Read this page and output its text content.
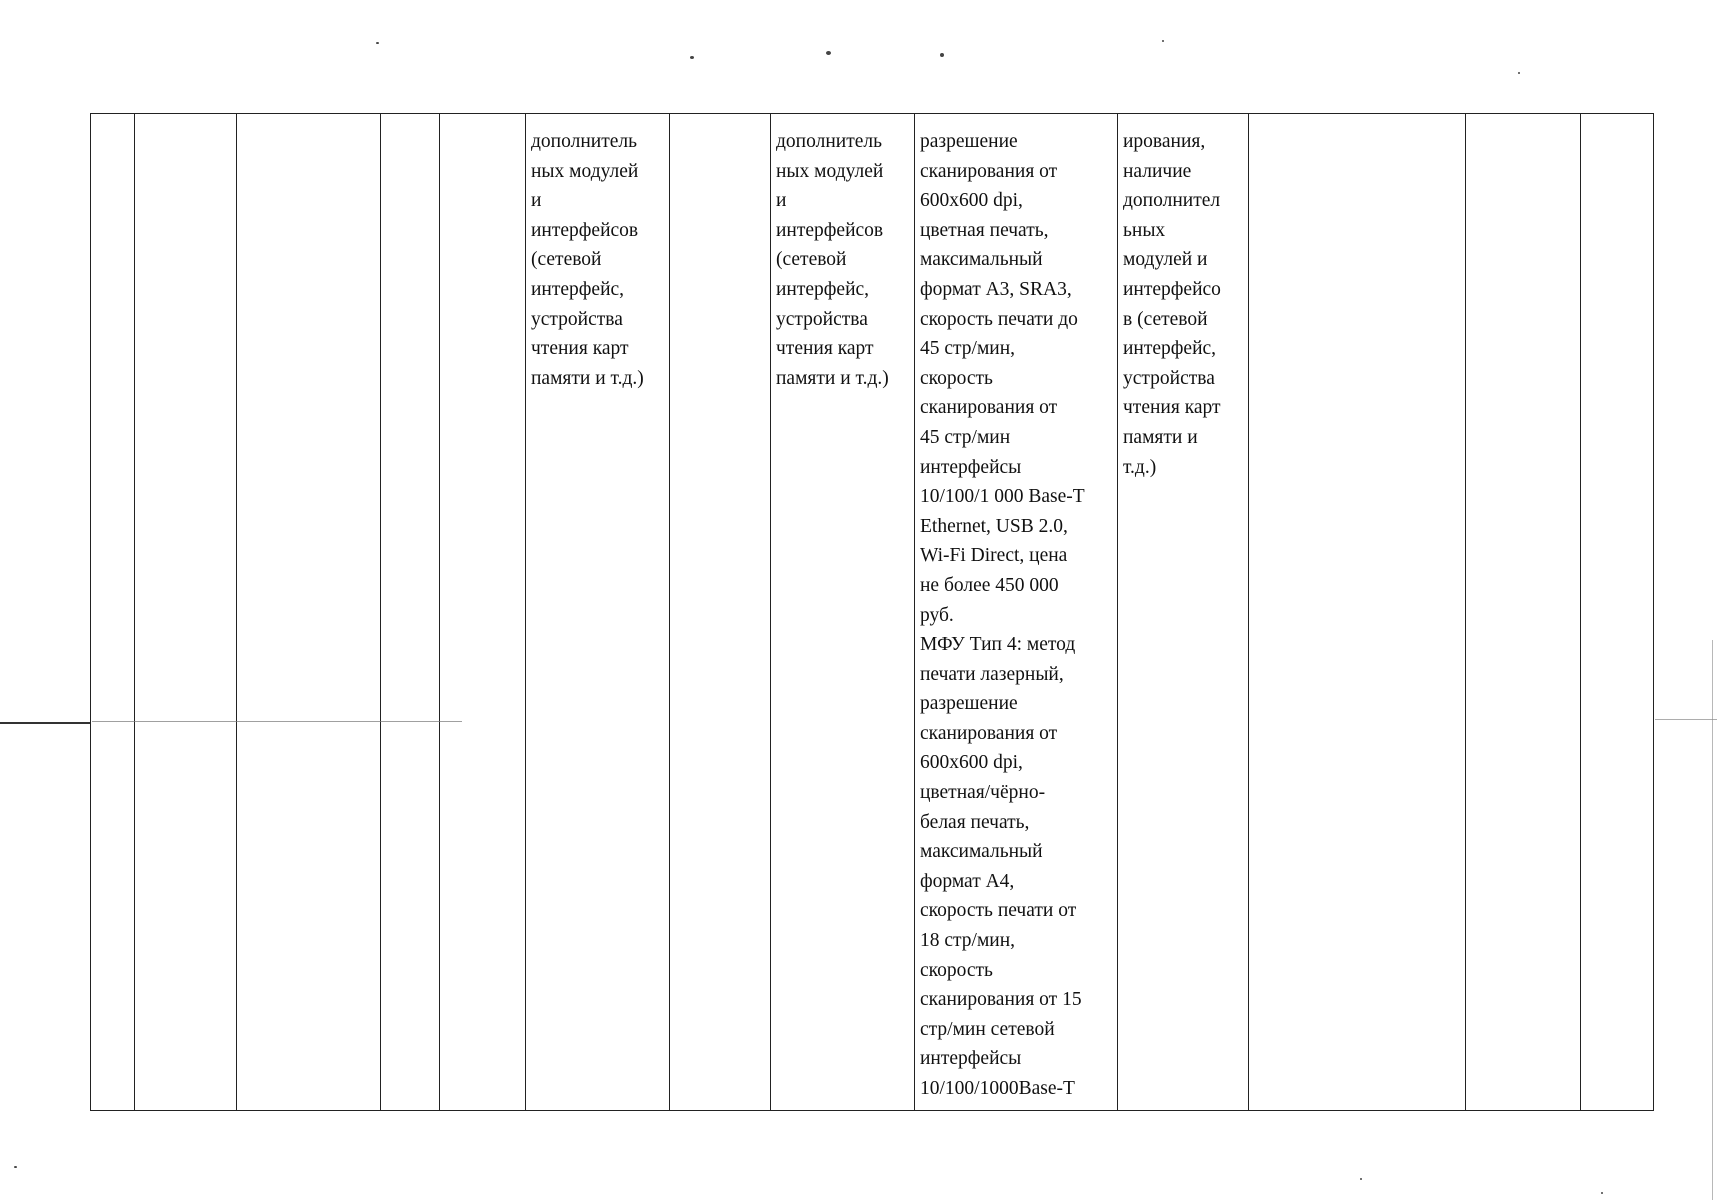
					дополнитель
ных модулей
и
интерфейсов
(сетевой
интерфейс,
устройства
чтения карт
памяти и т.д.)		дополнитель
ных модулей
и
интерфейсов
(сетевой
интерфейс,
устройства
чтения карт
памяти и т.д.)	разрешение
сканирования от
600x600 dpi,
цветная печать,
максимальный
формат А3, SRA3,
скорость печати до
45 стр/мин,
скорость
сканирования от
45 стр/мин
интерфейсы
10/100/1 000 Base-T
Ethernet, USB 2.0,
Wi-Fi Direct, цена
не более 450 000
руб.
МФУ Тип 4: метод
печати лазерный,
разрешение
сканирования от
600x600 dpi,
цветная/чёрно-
белая печать,
максимальный
формат А4,
скорость печати от
18 стр/мин,
скорость
сканирования от 15
стр/мин сетевой
интерфейсы
10/100/1000Base-T	ирования,
наличие
дополнител
ьных
модулей и
интерфейсо
в (сетевой
интерфейс,
устройства
чтения карт
памяти и
т.д.)			
